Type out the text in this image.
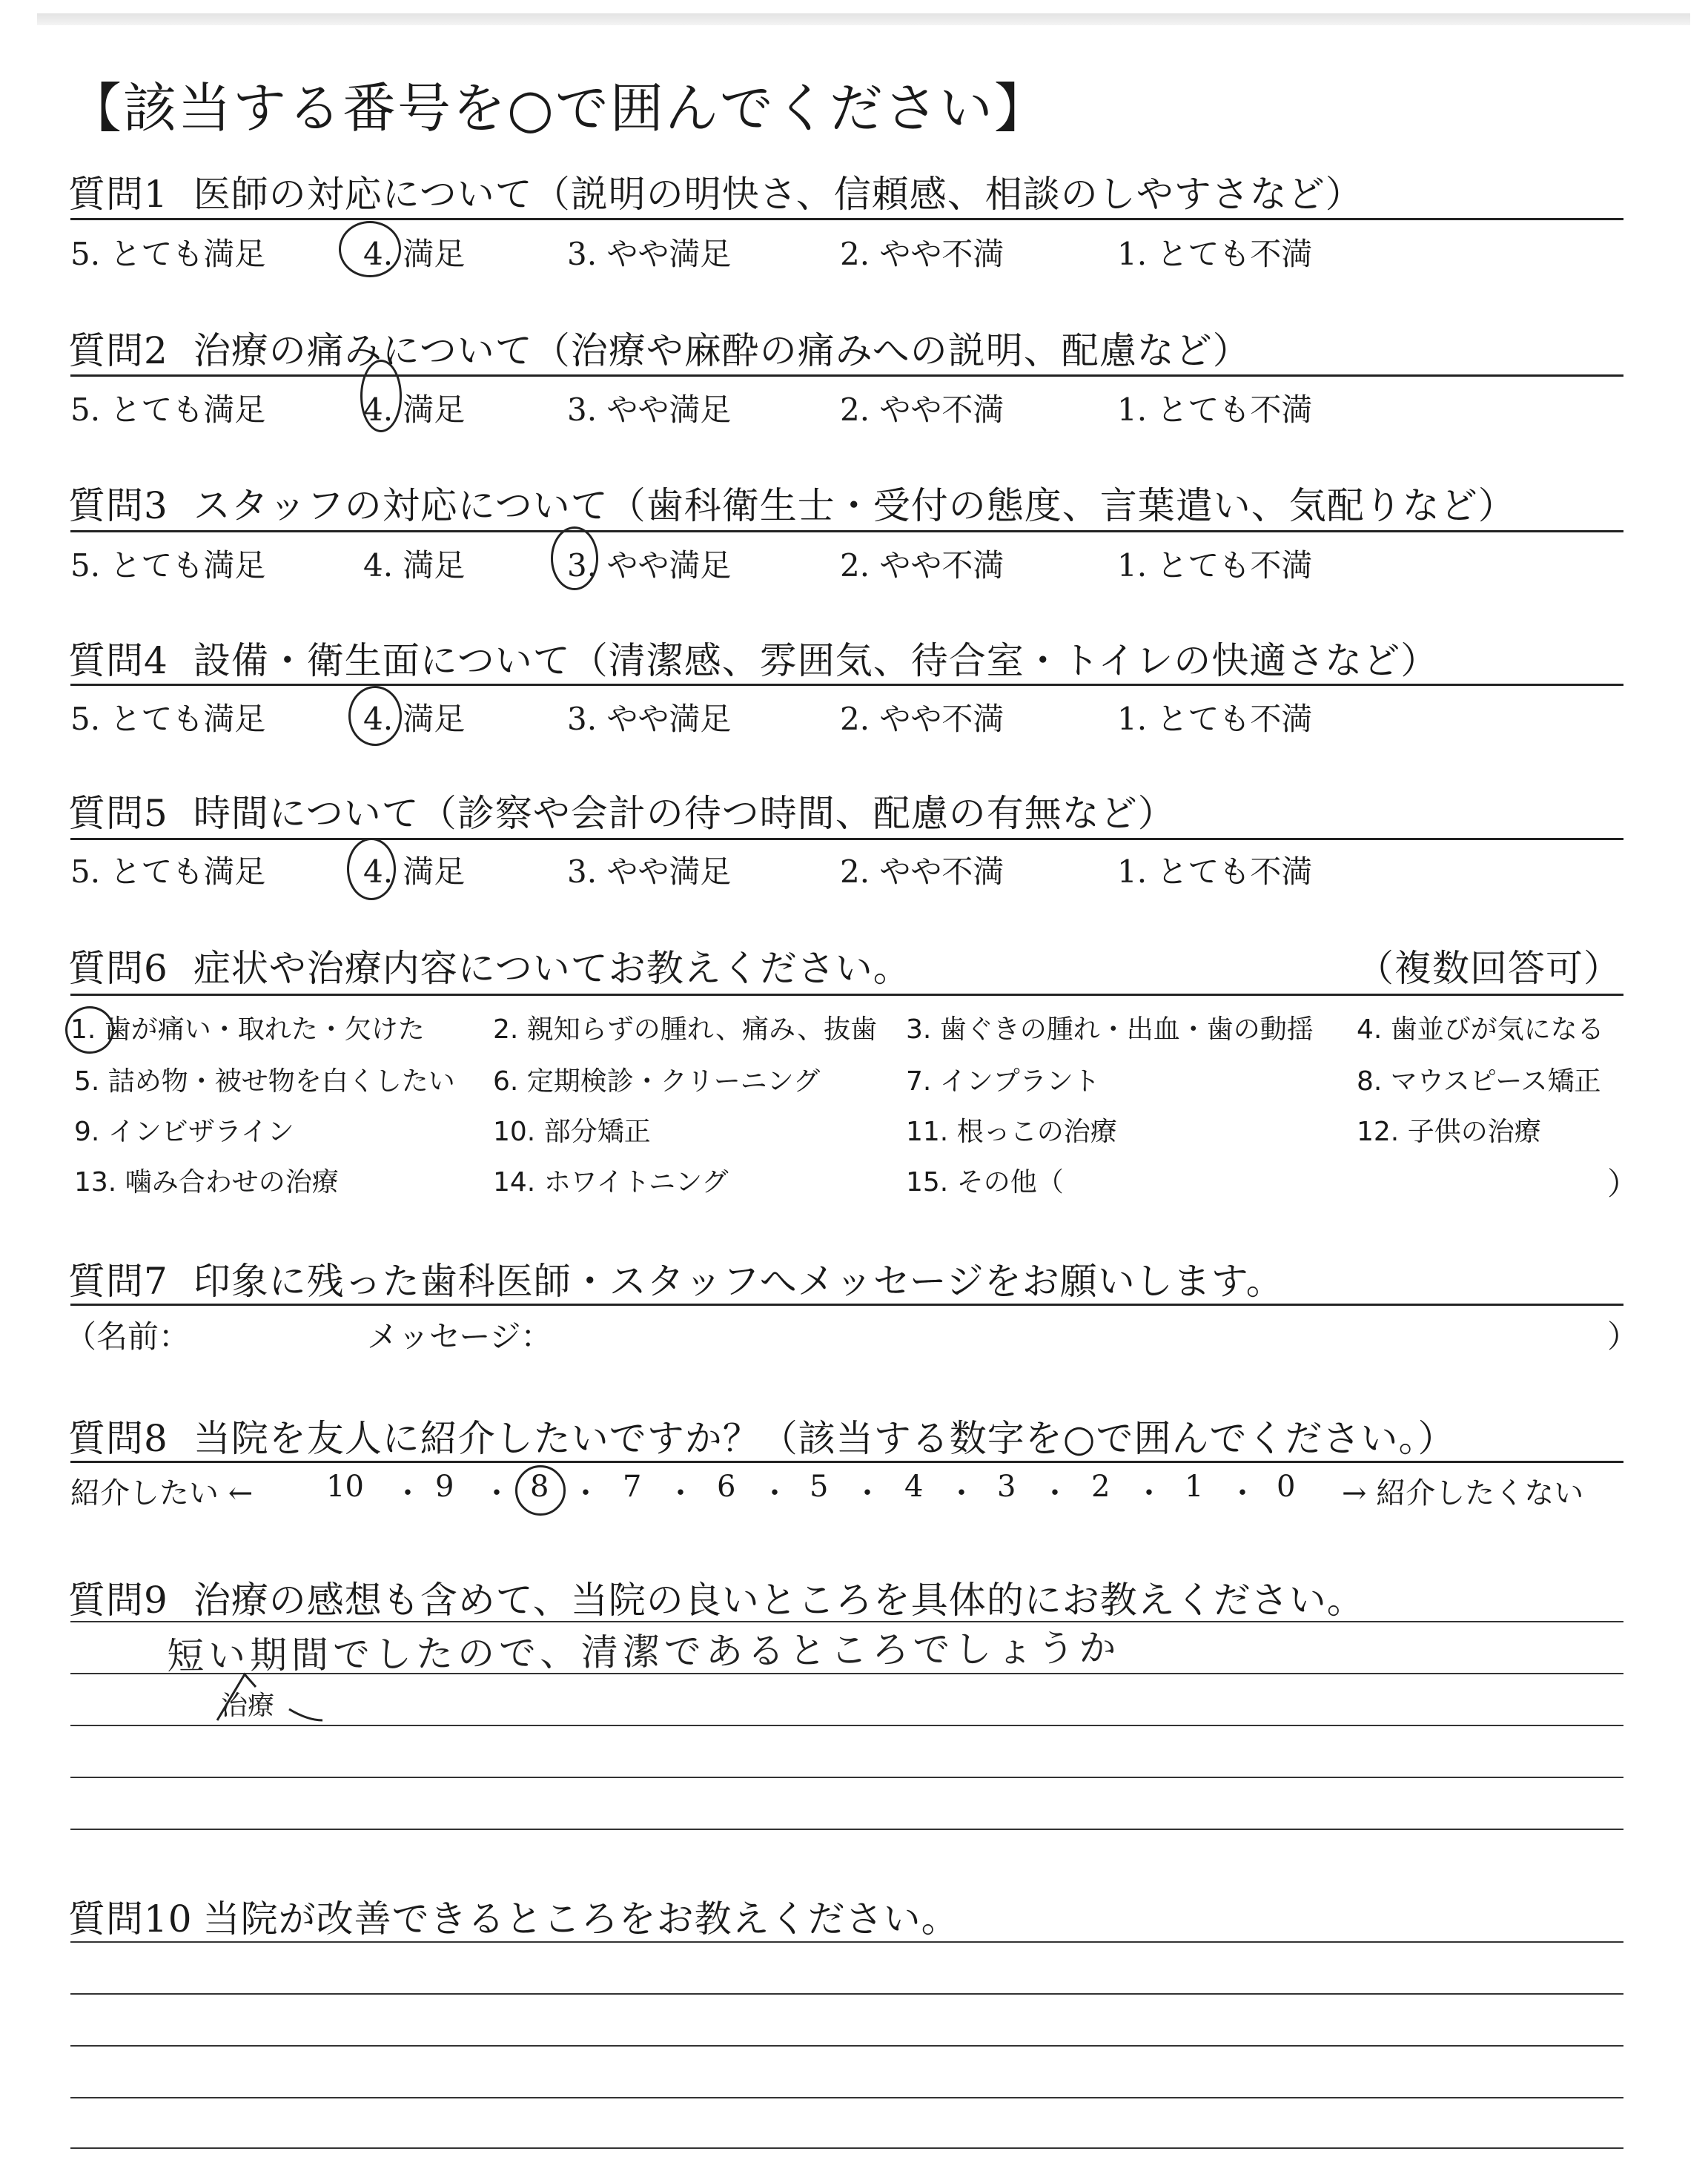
【該当する番号を○で囲んでください】
質問1 医師の対応について（説明の明快さ、信頼感、相談のしやすさなど）
5. とても満足	4. 満足	3. やや満足	2. やや不満	1. とても不満
質問2 治療の痛みについて（治療や麻酔の痛みへの説明、配慮など）
5. とても満足	4. 満足	3. やや満足	2. やや不満	1. とても不満
質問3 スタッフの対応について（歯科衛生士・受付の態度、言葉遣い、気配りなど）
5. とても満足	4. 満足	3. やや満足	2. やや不満	1. とても不満
質問4 設備・衛生面について（清潔感、雰囲気、待合室・トイレの快適さなど）
5. とても満足	4. 満足	3. やや満足	2. やや不満	1. とても不満
質問5 時間について（診察や会計の待つ時間、配慮の有無など）
5. とても満足	4. 満足	3. やや満足	2. やや不満	1. とても不満
質問6 症状や治療内容についてお教えください。	（複数回答可）
1. 歯が痛い・取れた・欠けた	2. 親知らずの腫れ、痛み、抜歯 3. 歯ぐきの腫れ・出血・歯の動揺 4. 歯並びが気になる
5. 詰め物・被せ物を白くしたい 6. 定期検診・クリーニング	7. インプラント	8. マウスピース矯正
9. インビザライン	10. 部分矯正	11. 根っこの治療	12. 子供の治療
13. 噛み合わせの治療	14. ホワイトニング	15. その他（	）
質問7 印象に残った歯科医師・スタッフへメッセージをお願いします。
（名前：	メッセージ：	）
質問8 当院を友人に紹介したいですか？（該当する数字を○で囲んでください。）
紹介したい ←	→ 紹介したくない
10 ・ 9 ・ 8 ・ 7 ・ 6 ・ 5 ・ 4 ・ 3 ・ 2 ・ 1 ・ 0
質問9 治療の感想も含めて、当院の良いところを具体的にお教えください。
短い期間でしたので、清潔であるところでしょうか
治療
質問10 当院が改善できるところをお教えください。
